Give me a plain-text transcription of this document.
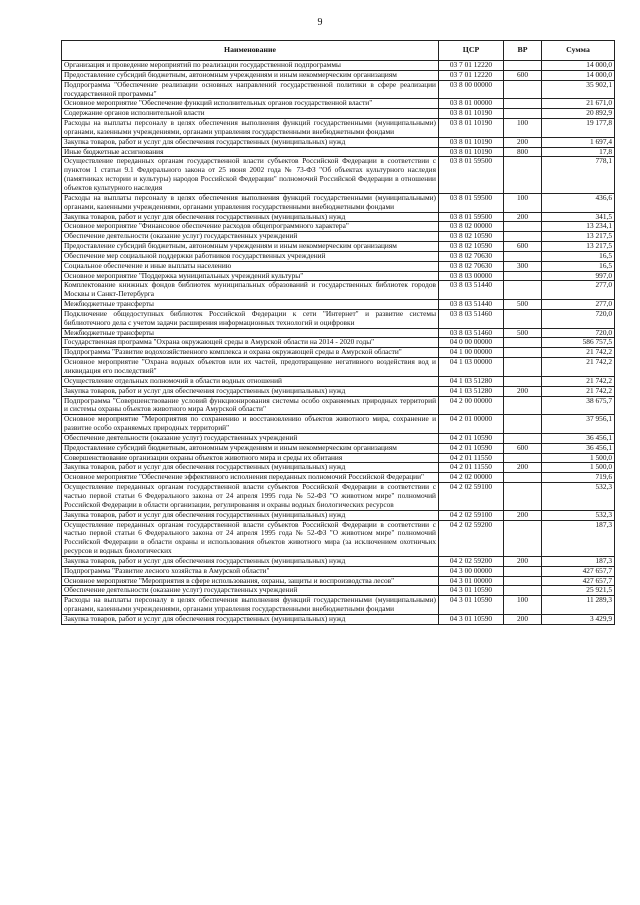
9
Наименование	ЦСР	ВР	Сумма
Организация и проведение мероприятий по реализации государственной подпрограммы	03 7 01 12220		14 000,0
Предоставление субсидий бюджетным, автономным учреждениям и иным некоммерческим организациям	03 7 01 12220	600	14 000,0
Подпрограмма "Обеспечение реализации основных направлений государственной политики в сфере реализации государственной программы"	03 8 00 00000		35 902,1
Основное мероприятие "Обеспечение функций исполнительных органов государственной власти"	03 8 01 00000		21 671,0
Содержание органов исполнительной власти	03 8 01 10190		20 892,9
Расходы на выплаты персоналу в целях обеспечения выполнения функций государственными (муниципальными) органами, казенными учреждениями, органами управления государственными внебюджетными фондами	03 8 01 10190	100	19 177,8
Закупка товаров, работ и услуг для обеспечения государственных (муниципальных) нужд	03 8 01 10190	200	1 697,4
Иные бюджетные ассигнования	03 8 01 10190	800	17,8
Осуществление переданных органам государственной власти субъектов Российской Федерации в соответствии с пунктом 1 статьи 9.1 Федерального закона от 25 июня 2002 года № 73-ФЗ "Об объектах культурного наследия (памятниках истории и культуры) народов Российской Федерации" полномочий Российской Федерации в отношении объектов культурного наследия	03 8 01 59500		778,1
Расходы на выплаты персоналу в целях обеспечения выполнения функций государственными (муниципальными) органами, казенными учреждениями, органами управления государственными внебюджетными фондами	03 8 01 59500	100	436,6
Закупка товаров, работ и услуг для обеспечения государственных (муниципальных) нужд	03 8 01 59500	200	341,5
Основное мероприятие "Финансовое обеспечение расходов общепрограммного характера"	03 8 02 00000		13 234,1
Обеспечение деятельности (оказание услуг) государственных учреждений	03 8 02 10590		13 217,5
Предоставление субсидий бюджетным, автономным учреждениям и иным некоммерческим организациям	03 8 02 10590	600	13 217,5
Обеспечение мер социальной поддержки работников государственных учреждений	03 8 02 70630		16,5
Социальное обеспечение и иные выплаты населению	03 8 02 70630	300	16,5
Основное мероприятие "Поддержка муниципальных учреждений культуры"	03 8 03 00000		997,0
Комплектование книжных фондов библиотек муниципальных образований и государственных библиотек городов Москвы и Санкт-Петербурга	03 8 03 51440		277,0
Межбюджетные трансферты	03 8 03 51440	500	277,0
Подключение общедоступных библиотек Российской Федерации к сети "Интернет" и развитие системы библиотечного дела с учетом задачи расширения информационных технологий и оцифровки	03 8 03 51460		720,0
Межбюджетные трансферты	03 8 03 51460	500	720,0
Государственная программа "Охрана окружающей среды в Амурской области на 2014 - 2020 годы"	04 0 00 00000		586 757,5
Подпрограмма "Развитие водохозяйственного комплекса и охрана окружающей среды в Амурской области"	04 1 00 00000		21 742,2
Основное мероприятие "Охрана водных объектов или их частей, предотвращение негативного воздействия вод и ликвидация его последствий"	04 1 03 00000		21 742,2
Осуществление отдельных полномочий в области водных отношений	04 1 03 51280		21 742,2
Закупка товаров, работ и услуг для обеспечения государственных (муниципальных) нужд	04 1 03 51280	200	21 742,2
Подпрограмма "Совершенствование условий функционирования системы особо охраняемых природных территорий и системы охраны объектов животного мира Амурской области"	04 2 00 00000		38 675,7
Основное мероприятие "Мероприятия по сохранению и восстановлению объектов животного мира, сохранение и развитие особо охраняемых природных территорий"	04 2 01 00000		37 956,1
Обеспечение деятельности (оказание услуг) государственных учреждений	04 2 01 10590		36 456,1
Предоставление субсидий бюджетным, автономным учреждениям и иным некоммерческим организациям	04 2 01 10590	600	36 456,1
Совершенствование организации охраны объектов животного мира и среды их обитания	04 2 01 11550		1 500,0
Закупка товаров, работ и услуг для обеспечения государственных (муниципальных) нужд	04 2 01 11550	200	1 500,0
Основное мероприятие "Обеспечение эффективного исполнения переданных полномочий Российской Федерации"	04 2 02 00000		719,6
Осуществление переданных органам государственной власти субъектов Российской Федерации в соответствии с частью первой статьи 6 Федерального закона от 24 апреля 1995 года № 52-ФЗ "О животном мире" полномочий Российской Федерации в области организации, регулирования и охраны водных биологических ресурсов	04 2 02 59100		532,3
Закупка товаров, работ и услуг для обеспечения государственных (муниципальных) нужд	04 2 02 59100	200	532,3
Осуществление переданных органам государственной власти субъектов Российской Федерации в соответствии с частью первой статьи 6 Федерального закона от 24 апреля 1995 года № 52-ФЗ "О животном мире" полномочий Российской Федерации в области охраны и использования объектов животного мира (за исключением охотничьих ресурсов и водных биологических	04 2 02 59200		187,3
Закупка товаров, работ и услуг для обеспечения государственных (муниципальных) нужд	04 2 02 59200	200	187,3
Подпрограмма "Развитие лесного хозяйства в Амурской области"	04 3 00 00000		427 657,7
Основное мероприятие "Мероприятия в сфере использования, охраны, защиты и воспроизводства лесов"	04 3 01 00000		427 657,7
Обеспечение деятельности (оказание услуг) государственных учреждений	04 3 01 10590		25 921,5
Расходы на выплаты персоналу в целях обеспечения выполнения функций государственными (муниципальными) органами, казенными учреждениями, органами управления государственными внебюджетными фондами	04 3 01 10590	100	11 289,3
Закупка товаров, работ и услуг для обеспечения государственных (муниципальных) нужд	04 3 01 10590	200	3 429,9
